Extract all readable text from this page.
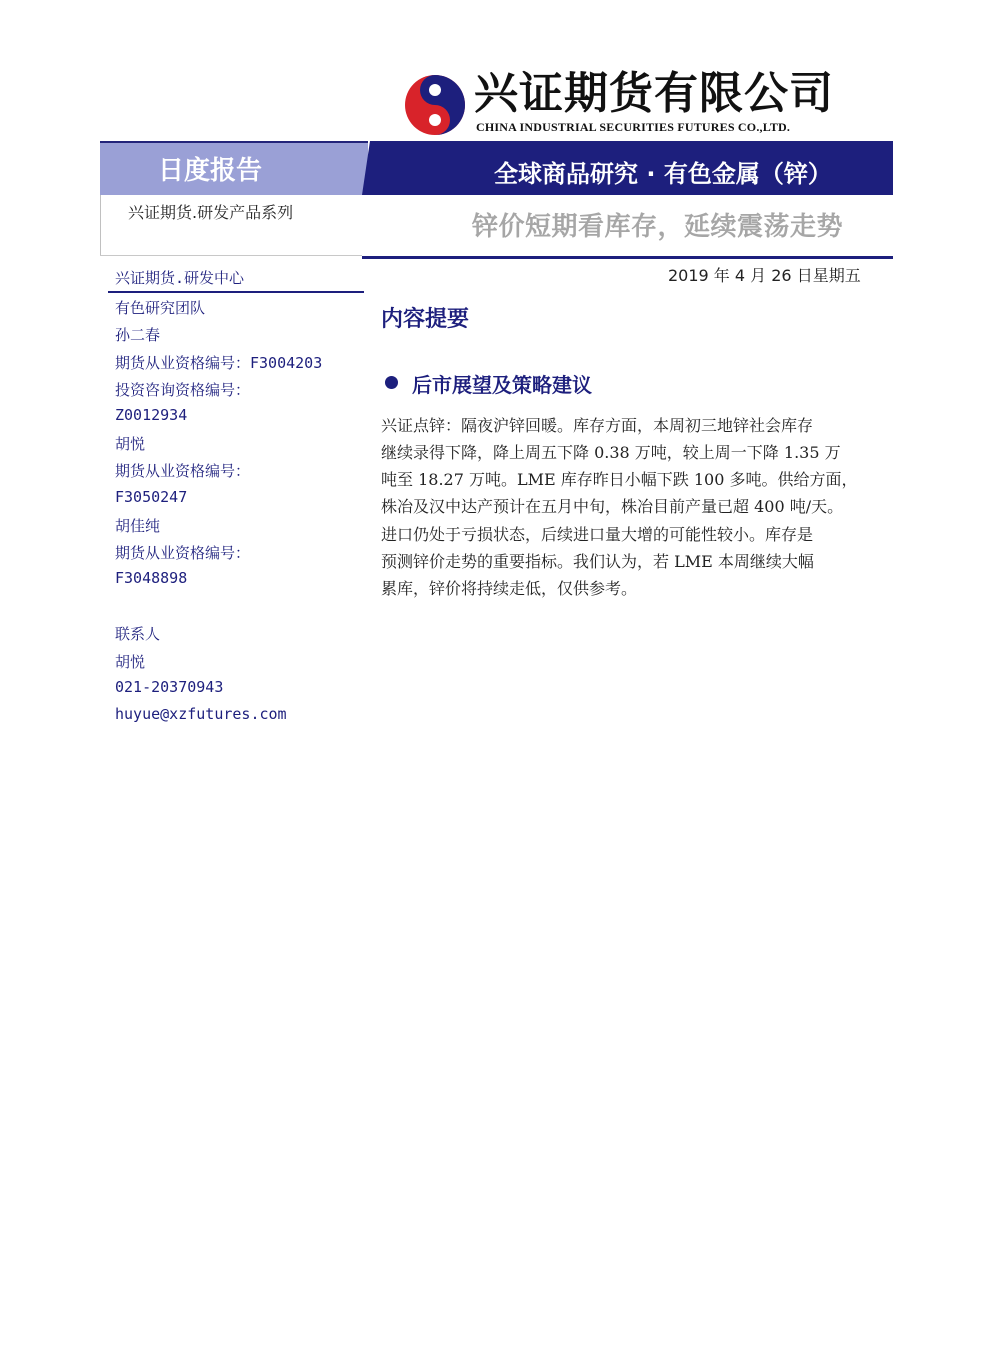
兴证期货有限公司
CHINA INDUSTRIAL SECURITIES FUTURES CO.,LTD.
日度报告	全球商品研究 · 有色金属（锌）
兴证期货.研发产品系列	锌价短期看库存，延续震荡走势
2019 年 4 月 26 日星期五
兴证期货.研发中心
有色研究团队
孙二春
期货从业资格编号：F3004203
投资咨询资格编号：
Z0012934
胡悦
期货从业资格编号：
F3050247
胡佳纯
期货从业资格编号：
F3048898
联系人
胡悦
021-20370943
huyue@xzfutures.com
内容提要
后市展望及策略建议
兴证点锌：隔夜沪锌回暖。库存方面，本周初三地锌社会库存
继续录得下降，降上周五下降 0.38 万吨，较上周一下降 1.35 万
吨至 18.27 万吨。LME 库存昨日小幅下跌 100 多吨。供给方面，
株冶及汉中达产预计在五月中旬，株冶目前产量已超 400 吨/天。
进口仍处于亏损状态，后续进口量大增的可能性较小。库存是
预测锌价走势的重要指标。我们认为，若 LME 本周继续大幅
累库，锌价将持续走低，仅供参考。
